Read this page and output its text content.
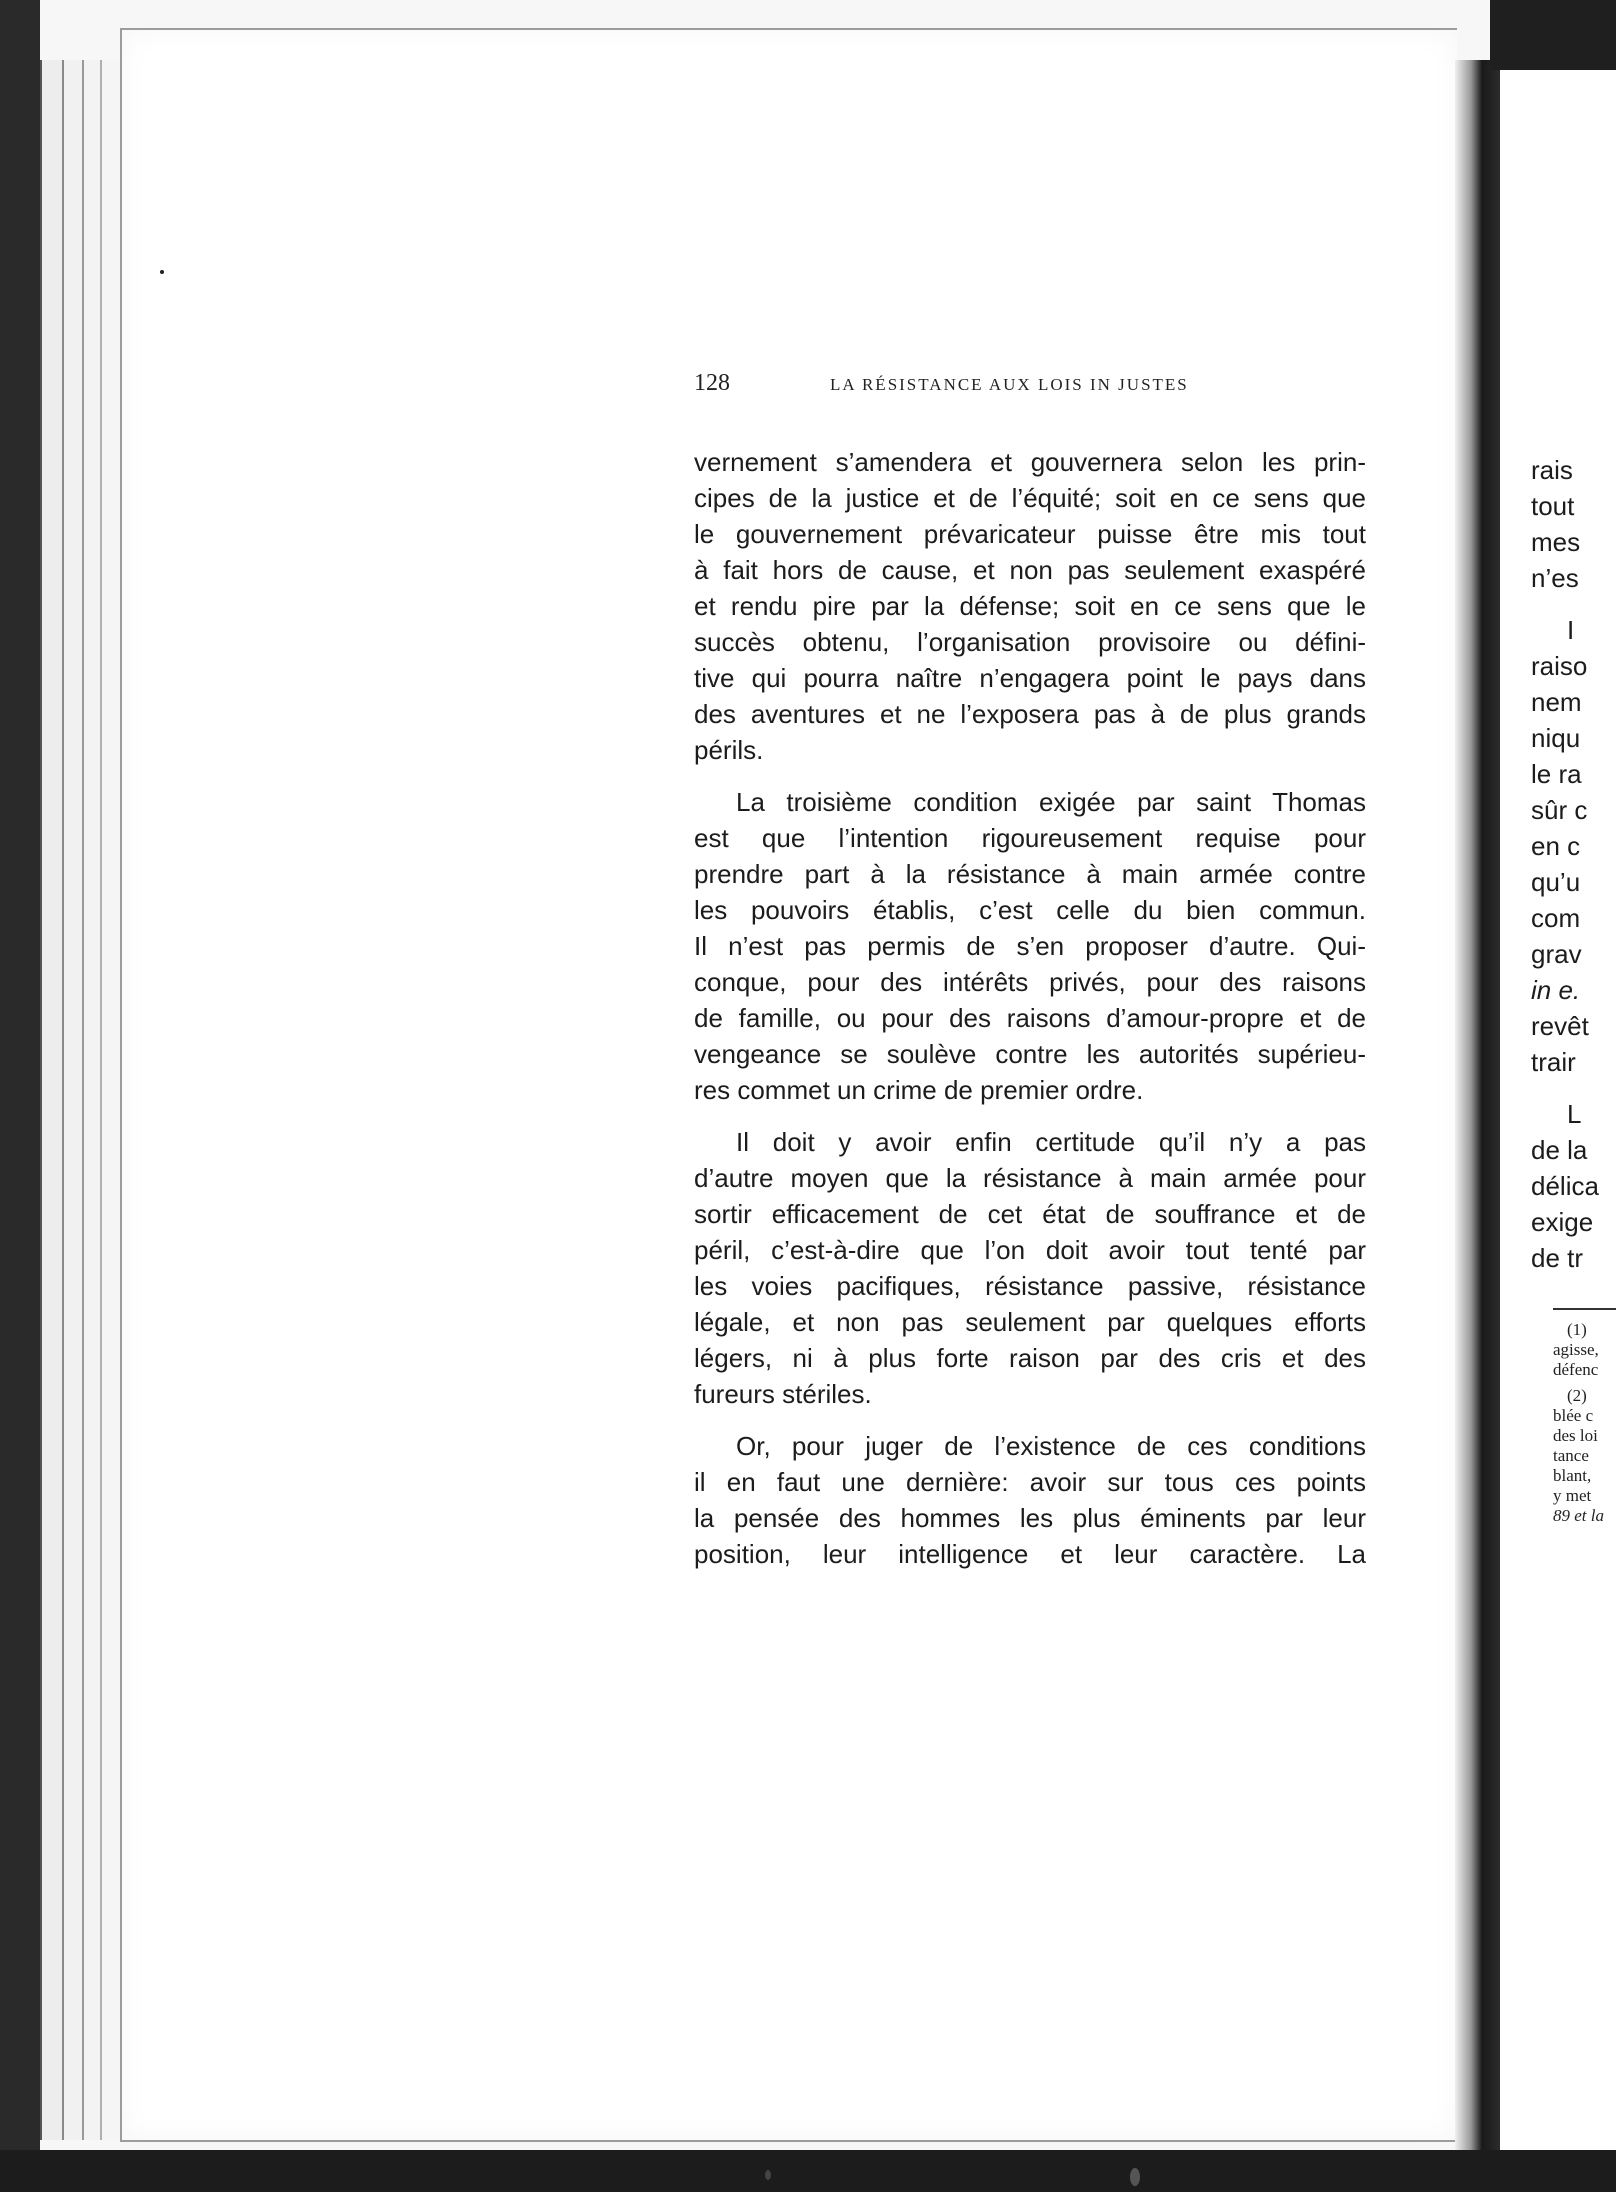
128	LA RÉSISTANCE AUX LOIS IN JUSTES
vernement s’amendera et gouvernera selon les prin-
cipes de la justice et de l’équité; soit en ce sens que
le gouvernement prévaricateur puisse être mis tout
à fait hors de cause, et non pas seulement exaspéré
et rendu pire par la défense; soit en ce sens que le
succès obtenu, l’organisation provisoire ou défini-
tive qui pourra naître n’engagera point le pays dans
des aventures et ne l’exposera pas à de plus grands
périls.
La troisième condition exigée par saint Thomas
est que l’intention rigoureusement requise pour
prendre part à la résistance à main armée contre
les pouvoirs établis, c’est celle du bien commun.
Il n’est pas permis de s’en proposer d’autre. Qui-
conque, pour des intérêts privés, pour des raisons
de famille, ou pour des raisons d’amour-propre et de
vengeance se soulève contre les autorités supérieu-
res commet un crime de premier ordre.
Il doit y avoir enfin certitude qu’il n’y a pas
d’autre moyen que la résistance à main armée pour
sortir efficacement de cet état de souffrance et de
péril, c’est-à-dire que l’on doit avoir tout tenté par
les voies pacifiques, résistance passive, résistance
légale, et non pas seulement par quelques efforts
légers, ni à plus forte raison par des cris et des
fureurs stériles.
Or, pour juger de l’existence de ces conditions
il en faut une dernière: avoir sur tous ces points
la pensée des hommes les plus éminents par leur
position, leur intelligence et leur caractère. La
rais
tout
mes
n’es
I
raiso
nem
niqu
le ra
sûr c
en c
qu’u
com
grav
in e.
revêt
trair
L
de la
délica
exige
de tr
(1)
agisse,
défenc
(2)
blée c
des loi
tance
blant,
y met
89 et la
